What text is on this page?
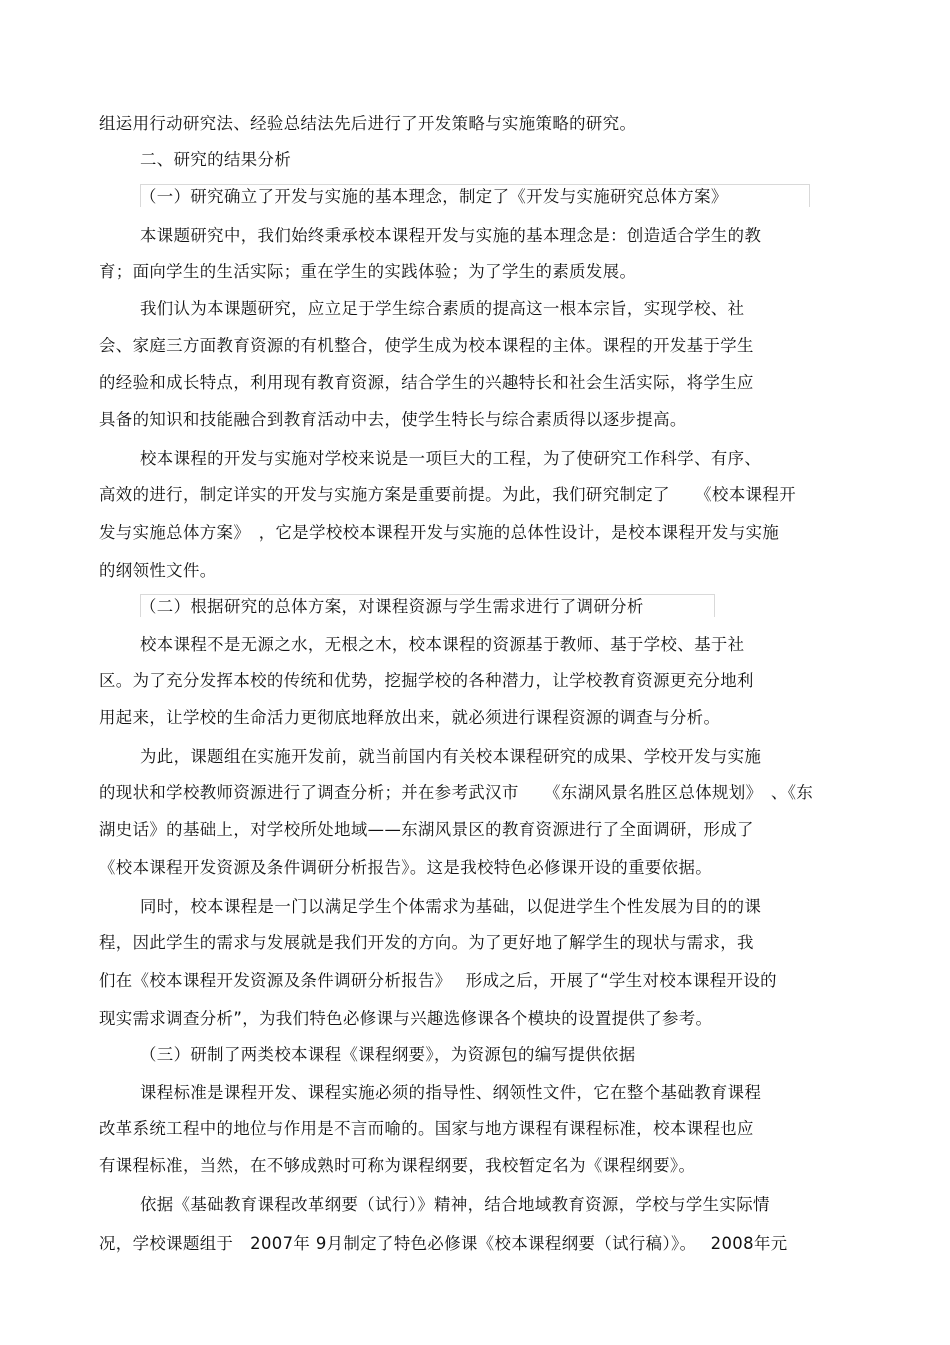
组运用行动研究法、经验总结法先后进行了开发策略与实施策略的研究。
二、研究的结果分析
（一）研究确立了开发与实施的基本理念，制定了《开发与实施研究总体方案》
本课题研究中，我们始终秉承校本课程开发与实施的基本理念是：创造适合学生的教
育；面向学生的生活实际；重在学生的实践体验；为了学生的素质发展。
我们认为本课题研究，应立足于学生综合素质的提高这一根本宗旨，实现学校、社
会、家庭三方面教育资源的有机整合，使学生成为校本课程的主体。课程的开发基于学生
的经验和成长特点，利用现有教育资源，结合学生的兴趣特长和社会生活实际，将学生应
具备的知识和技能融合到教育活动中去，使学生特长与综合素质得以逐步提高。
校本课程的开发与实施对学校来说是一项巨大的工程，为了使研究工作科学、有序、
高效的进行，制定详实的开发与实施方案是重要前提。为此，我们研究制定了　　《校本课程开
发与实施总体方案》　，它是学校校本课程开发与实施的总体性设计，是校本课程开发与实施
的纲领性文件。
（二）根据研究的总体方案，对课程资源与学生需求进行了调研分析
校本课程不是无源之水，无根之木，校本课程的资源基于教师、基于学校、基于社
区。为了充分发挥本校的传统和优势，挖掘学校的各种潜力，让学校教育资源更充分地利
用起来，让学校的生命活力更彻底地释放出来，就必须进行课程资源的调查与分析。
为此，课题组在实施开发前，就当前国内有关校本课程研究的成果、学校开发与实施
的现状和学校教师资源进行了调查分析；并在参考武汉市　　《东湖风景名胜区总体规划》　、《东
湖史话》的基础上，对学校所处地域——东湖风景区的教育资源进行了全面调研，形成了
《校本课程开发资源及条件调研分析报告》。这是我校特色必修课开设的重要依据。
同时，校本课程是一门以满足学生个体需求为基础，以促进学生个性发展为目的的课
程，因此学生的需求与发展就是我们开发的方向。为了更好地了解学生的现状与需求，我
们在《校本课程开发资源及条件调研分析报告》　 形成之后，开展了“学生对校本课程开设的
现实需求调查分析”，为我们特色必修课与兴趣选修课各个模块的设置提供了参考。
（三）研制了两类校本课程《课程纲要》，为资源包的编写提供依据
课程标准是课程开发、课程实施必须的指导性、纲领性文件，它在整个基础教育课程
改革系统工程中的地位与作用是不言而喻的。国家与地方课程有课程标准，校本课程也应
有课程标准，当然，在不够成熟时可称为课程纲要，我校暂定名为《课程纲要》。
依据《基础教育课程改革纲要（试行）》精神，结合地域教育资源，学校与学生实际情
况，学校课题组于　2007年 9月制定了特色必修课《校本课程纲要（试行稿）》。　 2008年元
